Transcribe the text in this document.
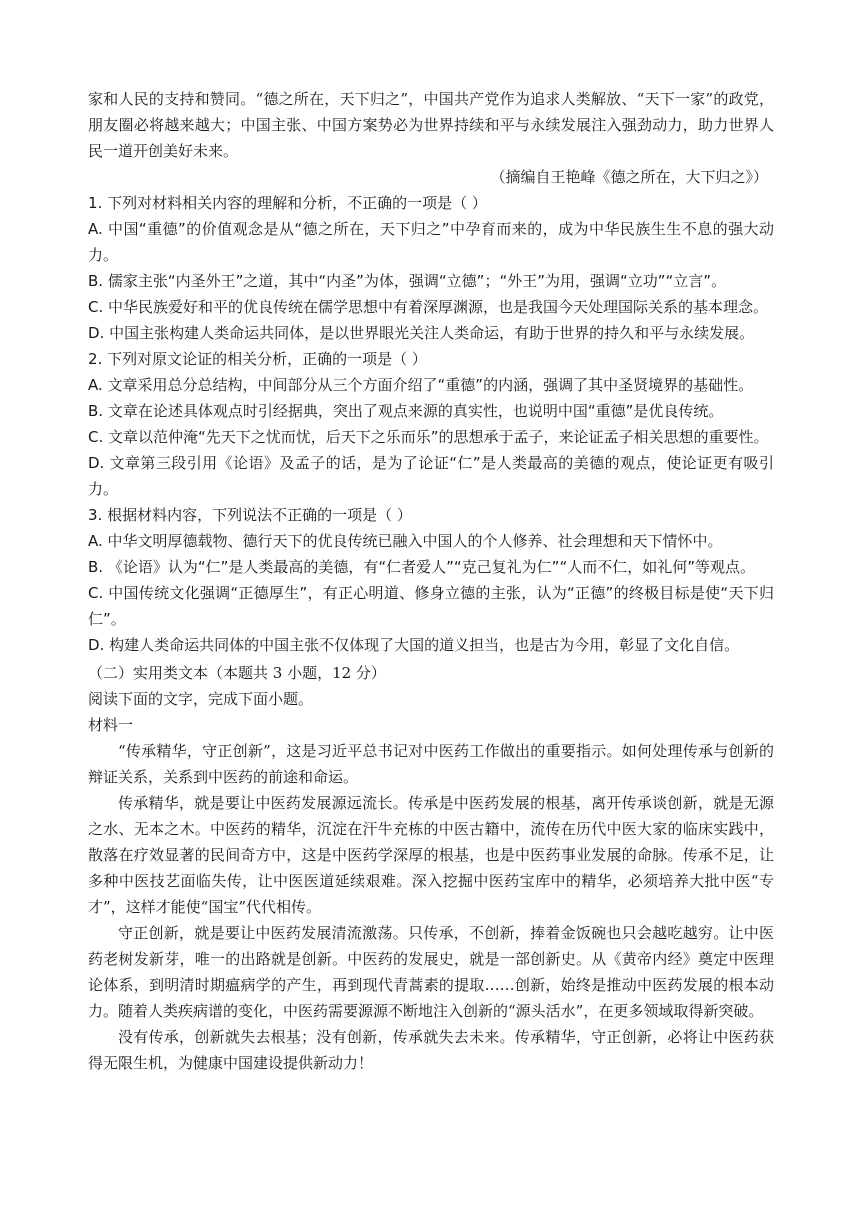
家和人民的支持和赞同。“德之所在，天下归之”，中国共产党作为追求人类解放、“天下一家”的政党，朋友圈必将越来越大；中国主张、中国方案势必为世界持续和平与永续发展注入强劲动力，助力世界人民一道开创美好未来。

（摘编自王艳峰《德之所在，大下归之》）

1. 下列对材料相关内容的理解和分析，不正确的一项是（ ）

A. 中国“重德”的价值观念是从“德之所在，天下归之”中孕育而来的，成为中华民族生生不息的强大动力。

B. 儒家主张“内圣外王”之道，其中“内圣”为体，强调“立德”；“外王”为用，强调“立功”“立言”。

C. 中华民族爱好和平的优良传统在儒学思想中有着深厚渊源，也是我国今天处理国际关系的基本理念。

D. 中国主张构建人类命运共同体，是以世界眼光关注人类命运，有助于世界的持久和平与永续发展。

2. 下列对原文论证的相关分析，正确的一项是（ ）

A. 文章采用总分总结构，中间部分从三个方面介绍了“重德”的内涵，强调了其中圣贤境界的基础性。

B. 文章在论述具体观点时引经据典，突出了观点来源的真实性，也说明中国“重德”是优良传统。

C. 文章以范仲淹“先天下之忧而忧，后天下之乐而乐”的思想承于孟子，来论证孟子相关思想的重要性。

D. 文章第三段引用《论语》及孟子的话，是为了论证“仁”是人类最高的美德的观点，使论证更有吸引力。

3. 根据材料内容，下列说法不正确的一项是（ ）

A. 中华文明厚德载物、德行天下的优良传统已融入中国人的个人修养、社会理想和天下情怀中。

B. 《论语》认为“仁”是人类最高的美德，有“仁者爱人”“克己复礼为仁”“人而不仁，如礼何”等观点。

C. 中国传统文化强调“正德厚生”，有正心明道、修身立德的主张，认为“正德”的终极目标是使“天下归仁”。

D. 构建人类命运共同体的中国主张不仅体现了大国的道义担当，也是古为今用，彰显了文化自信。

（二）实用类文本（本题共 3 小题，12 分）

阅读下面的文字，完成下面小题。

材料一

“传承精华，守正创新”，这是习近平总书记对中医药工作做出的重要指示。如何处理传承与创新的辩证关系，关系到中医药的前途和命运。

传承精华，就是要让中医药发展源远流长。传承是中医药发展的根基，离开传承谈创新，就是无源之水、无本之木。中医药的精华，沉淀在汗牛充栋的中医古籍中，流传在历代中医大家的临床实践中，散落在疗效显著的民间奇方中，这是中医药学深厚的根基，也是中医药事业发展的命脉。传承不足，让多种中医技艺面临失传，让中医医道延续艰难。深入挖掘中医药宝库中的精华，必须培养大批中医“专才”，这样才能使“国宝”代代相传。

守正创新，就是要让中医药发展清流激荡。只传承，不创新，捧着金饭碗也只会越吃越穷。让中医药老树发新芽，唯一的出路就是创新。中医药的发展史，就是一部创新史。从《黄帝内经》奠定中医理论体系，到明清时期瘟病学的产生，再到现代青蒿素的提取……创新，始终是推动中医药发展的根本动力。随着人类疾病谱的变化，中医药需要源源不断地注入创新的“源头活水”，在更多领域取得新突破。

没有传承，创新就失去根基；没有创新，传承就失去未来。传承精华，守正创新，必将让中医药获得无限生机，为健康中国建设提供新动力！
